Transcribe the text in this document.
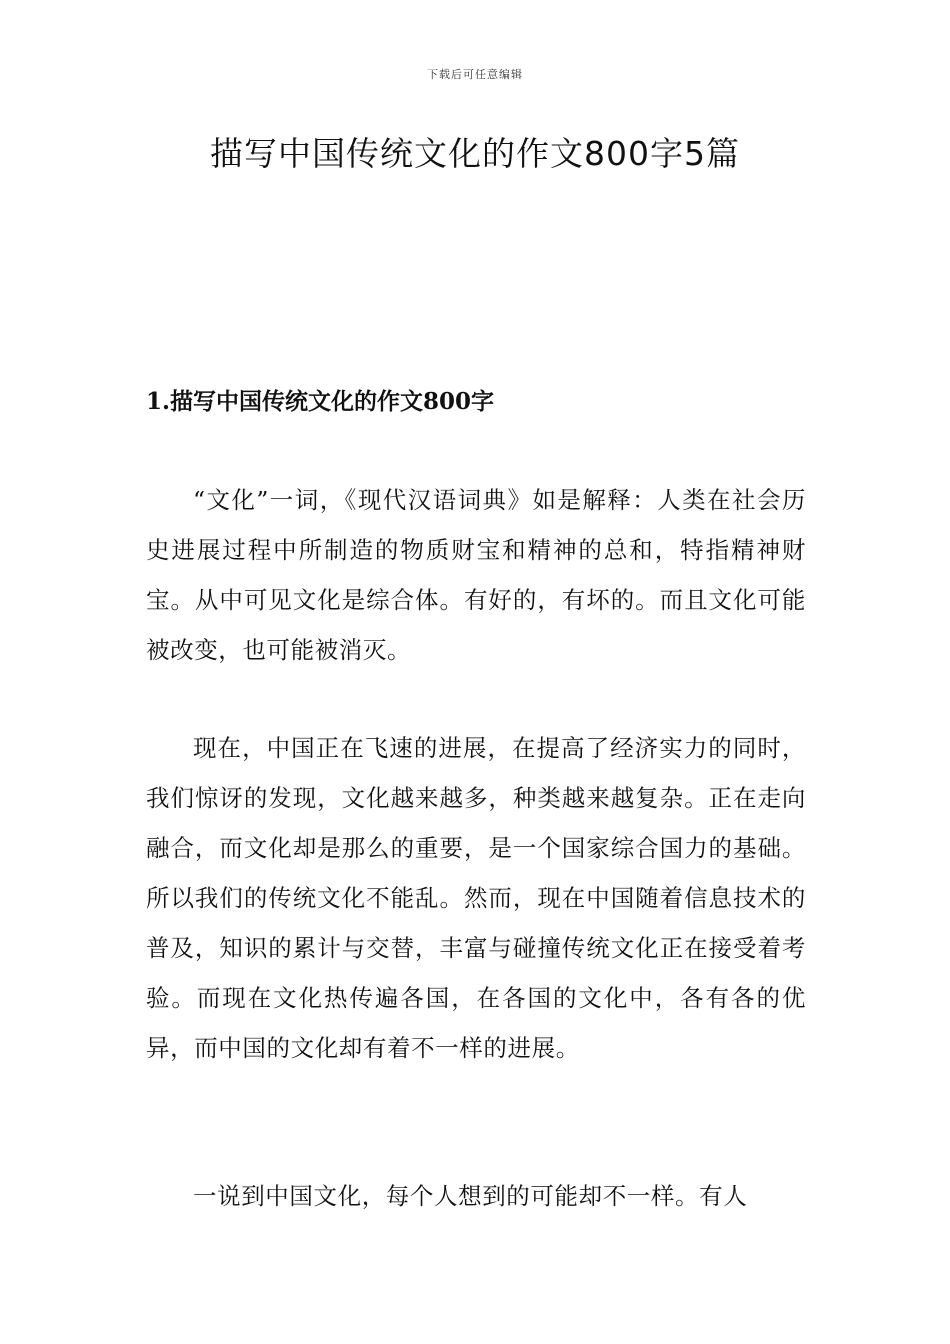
下载后可任意编辑
描写中国传统文化的作文800字5篇
1.描写中国传统文化的作文800字

“文化”一词，《现代汉语词典》如是解释：人类在社会历史进展过程中所制造的物质财宝和精神的总和，特指精神财宝。从中可见文化是综合体。有好的，有坏的。而且文化可能被改变，也可能被消灭。

现在，中国正在飞速的进展，在提高了经济实力的同时，我们惊讶的发现，文化越来越多，种类越来越复杂。正在走向融合，而文化却是那么的重要，是一个国家综合国力的基础。所以我们的传统文化不能乱。然而，现在中国随着信息技术的普及，知识的累计与交替，丰富与碰撞传统文化正在接受着考验。而现在文化热传遍各国，在各国的文化中，各有各的优异，而中国的文化却有着不一样的进展。

一说到中国文化，每个人想到的可能却不一样。有人
